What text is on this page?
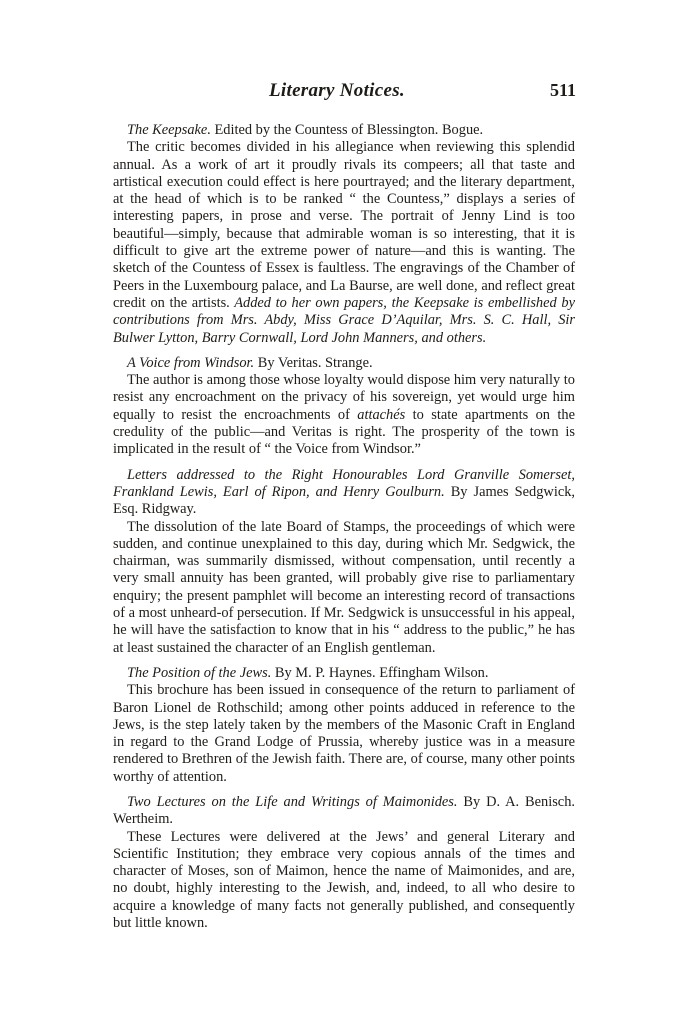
Literary Notices.	511

The Keepsake. Edited by the Countess of Blessington. Bogue.

The critic becomes divided in his allegiance when reviewing this splendid annual. As a work of art it proudly rivals its compeers; all that taste and artistical execution could effect is here pourtrayed; and the literary department, at the head of which is to be ranked “ the Countess,” displays a series of interesting papers, in prose and verse. The portrait of Jenny Lind is too beautiful—simply, because that admirable woman is so interesting, that it is difficult to give art the extreme power of nature—and this is wanting. The sketch of the Countess of Essex is faultless. The engravings of the Chamber of Peers in the Luxembourg palace, and La Baurse, are well done, and reflect great credit on the artists. Added to her own papers, the Keepsake is embellished by contributions from Mrs. Abdy, Miss Grace D’Aquilar, Mrs. S. C. Hall, Sir Bulwer Lytton, Barry Cornwall, Lord John Manners, and others.

A Voice from Windsor. By Veritas. Strange.

The author is among those whose loyalty would dispose him very naturally to resist any encroachment on the privacy of his sovereign, yet would urge him equally to resist the encroachments of attachés to state apartments on the credulity of the public—and Veritas is right. The prosperity of the town is implicated in the result of “ the Voice from Windsor.”

Letters addressed to the Right Honourables Lord Granville Somerset, Frankland Lewis, Earl of Ripon, and Henry Goulburn. By James Sedgwick, Esq. Ridgway.

The dissolution of the late Board of Stamps, the proceedings of which were sudden, and continue unexplained to this day, during which Mr. Sedgwick, the chairman, was summarily dismissed, without compensation, until recently a very small annuity has been granted, will probably give rise to parliamentary enquiry; the present pamphlet will become an interesting record of transactions of a most unheard-of persecution. If Mr. Sedgwick is unsuccessful in his appeal, he will have the satisfaction to know that in his “ address to the public,” he has at least sustained the character of an English gentleman.

The Position of the Jews. By M. P. Haynes. Effingham Wilson.

This brochure has been issued in consequence of the return to parliament of Baron Lionel de Rothschild; among other points adduced in reference to the Jews, is the step lately taken by the members of the Masonic Craft in England in regard to the Grand Lodge of Prussia, whereby justice was in a measure rendered to Brethren of the Jewish faith. There are, of course, many other points worthy of attention.

Two Lectures on the Life and Writings of Maimonides. By D. A. Benisch. Wertheim.

These Lectures were delivered at the Jews’ and general Literary and Scientific Institution; they embrace very copious annals of the times and character of Moses, son of Maimon, hence the name of Maimonides, and are, no doubt, highly interesting to the Jewish, and, indeed, to all who desire to acquire a knowledge of many facts not generally published, and consequently but little known.
